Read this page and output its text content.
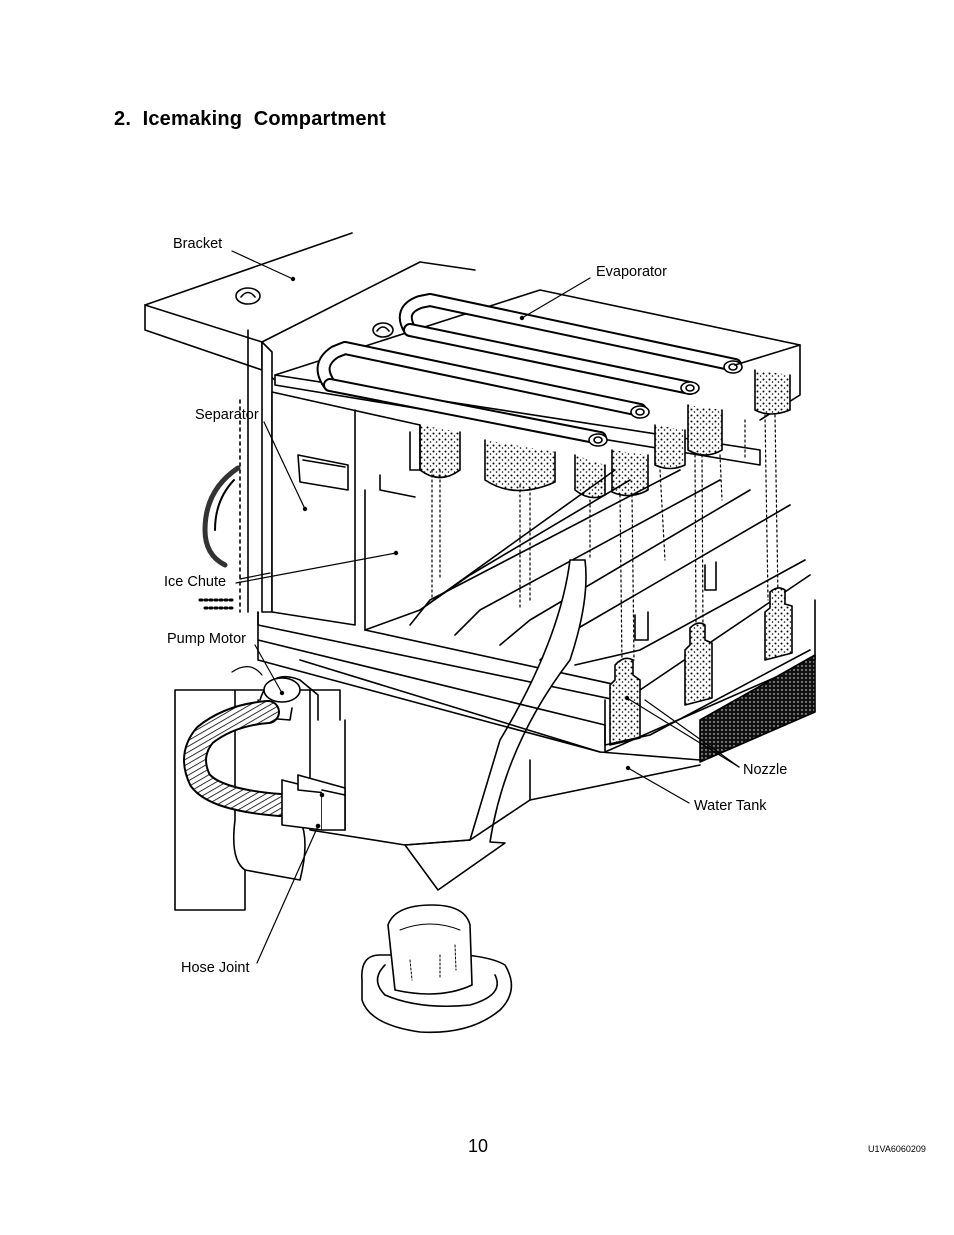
2.  Icemaking  Compartment
Bracket
Evaporator
Separator
Ice Chute
Pump Motor
Nozzle
Water Tank
Hose Joint
10	U1VA6060209
